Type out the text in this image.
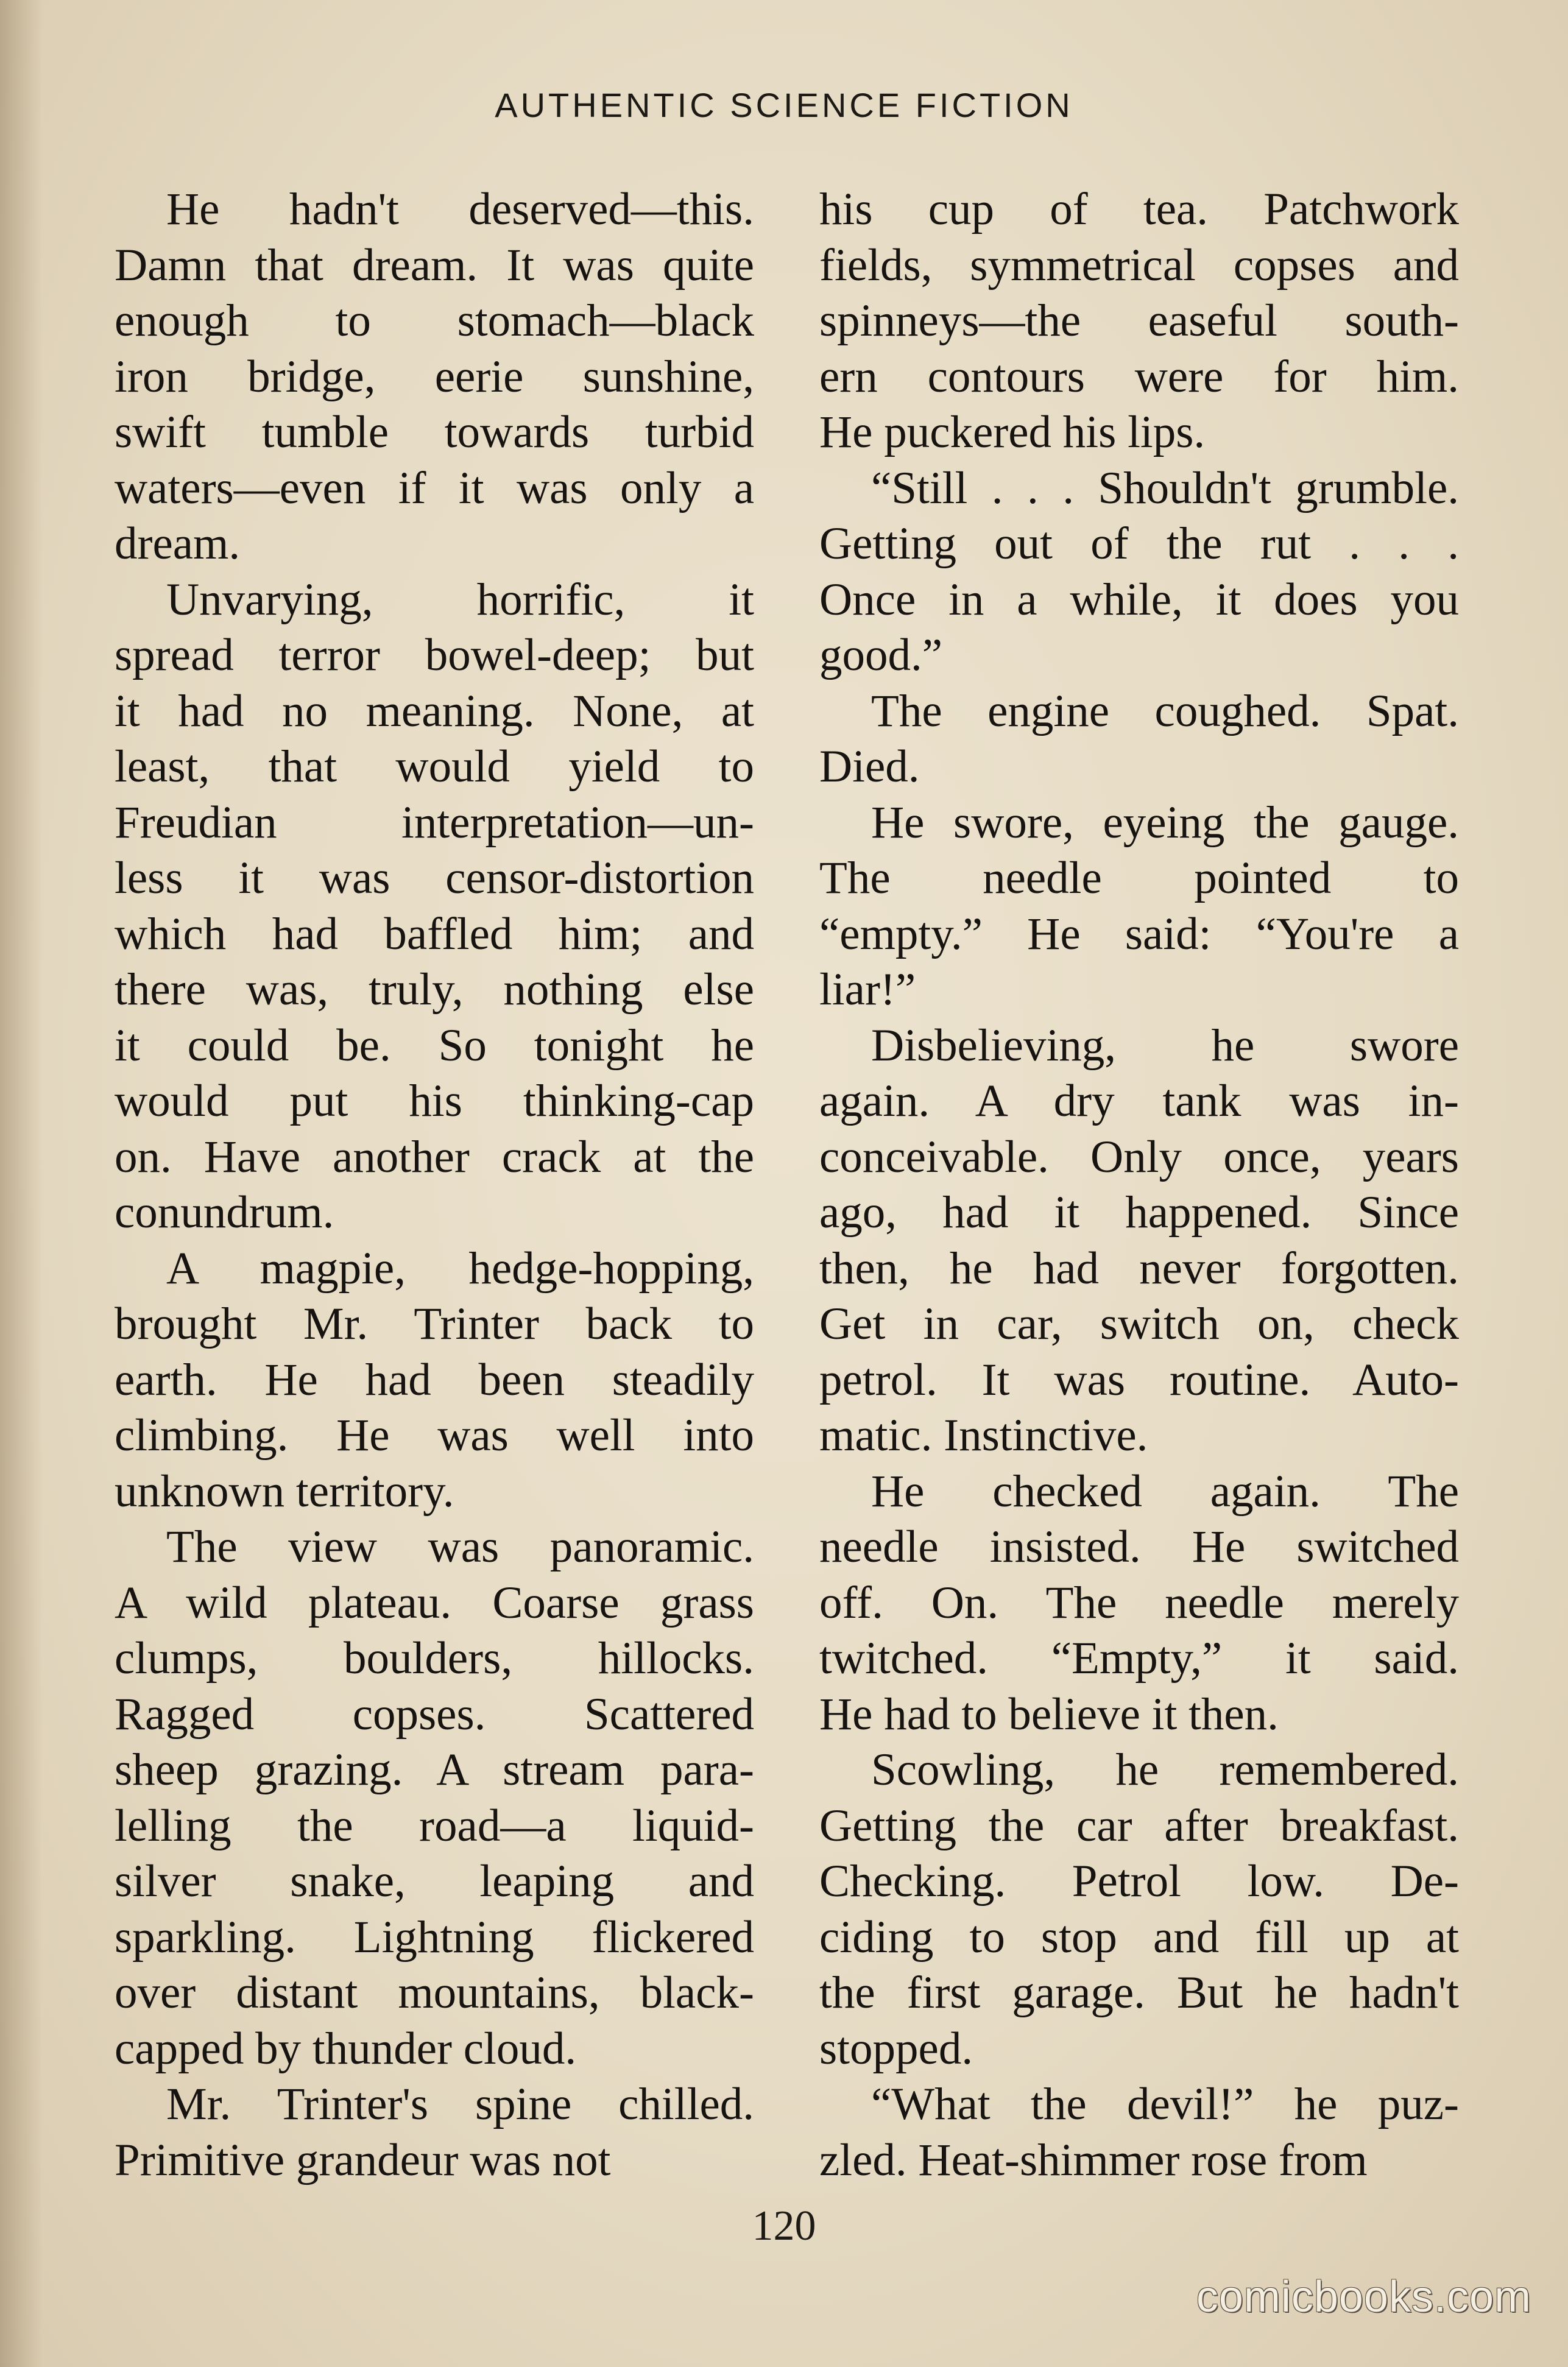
AUTHENTIC SCIENCE FICTION
He hadn't deserved—this.
Damn that dream. It was quite
enough to stomach—black
iron bridge, eerie sunshine,
swift tumble towards turbid
waters—even if it was only a
dream.
Unvarying, horrific, it
spread terror bowel-deep; but
it had no meaning. None, at
least, that would yield to
Freudian interpretation—un-
less it was censor-distortion
which had baffled him; and
there was, truly, nothing else
it could be. So tonight he
would put his thinking-cap
on. Have another crack at the
conundrum.
A magpie, hedge-hopping,
brought Mr. Trinter back to
earth. He had been steadily
climbing. He was well into
unknown territory.
The view was panoramic.
A wild plateau. Coarse grass
clumps, boulders, hillocks.
Ragged copses. Scattered
sheep grazing. A stream para-
lelling the road—a liquid-
silver snake, leaping and
sparkling. Lightning flickered
over distant mountains, black-
capped by thunder cloud.
Mr. Trinter's spine chilled.
Primitive grandeur was not
his cup of tea. Patchwork
fields, symmetrical copses and
spinneys—the easeful south-
ern contours were for him.
He puckered his lips.
“Still . . . Shouldn't grumble.
Getting out of the rut . . .
Once in a while, it does you
good.”
The engine coughed. Spat.
Died.
He swore, eyeing the gauge.
The needle pointed to
“empty.” He said: “You're a
liar!”
Disbelieving, he swore
again. A dry tank was in-
conceivable. Only once, years
ago, had it happened. Since
then, he had never forgotten.
Get in car, switch on, check
petrol. It was routine. Auto-
matic. Instinctive.
He checked again. The
needle insisted. He switched
off. On. The needle merely
twitched. “Empty,” it said.
He had to believe it then.
Scowling, he remembered.
Getting the car after breakfast.
Checking. Petrol low. De-
ciding to stop and fill up at
the first garage. But he hadn't
stopped.
“What the devil!” he puz-
zled. Heat-shimmer rose from
120
comicbooks.com
